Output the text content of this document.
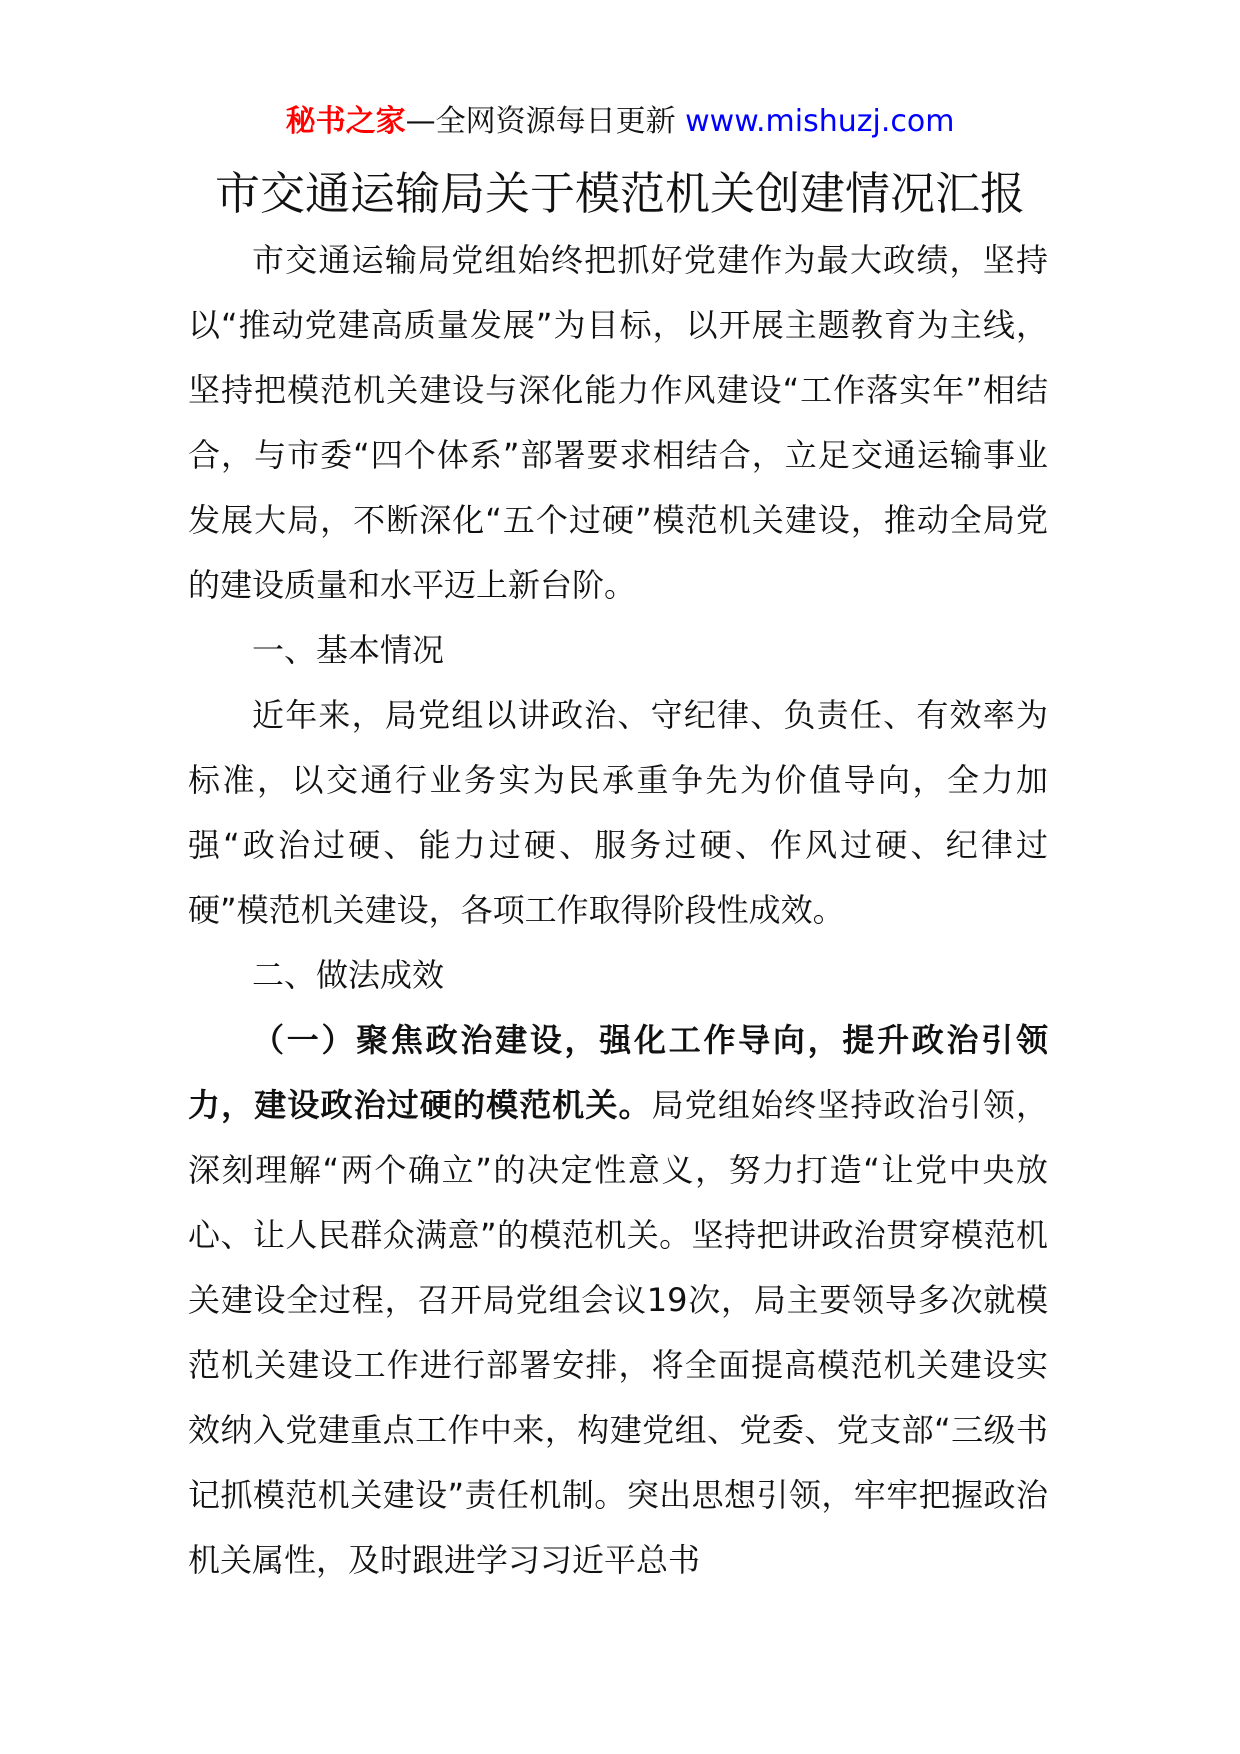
秘书之家—全网资源每日更新 www.mishuzj.com
市交通运输局关于模范机关创建情况汇报

市交通运输局党组始终把抓好党建作为最大政绩，坚持以“推动党建高质量发展”为目标，以开展主题教育为主线，坚持把模范机关建设与深化能力作风建设“工作落实年”相结合，与市委“四个体系”部署要求相结合，立足交通运输事业发展大局，不断深化“五个过硬”模范机关建设，推动全局党的建设质量和水平迈上新台阶。

一、基本情况

近年来，局党组以讲政治、守纪律、负责任、有效率为标准，以交通行业务实为民承重争先为价值导向，全力加强“政治过硬、能力过硬、服务过硬、作风过硬、纪律过硬”模范机关建设，各项工作取得阶段性成效。

二、做法成效

（一）聚焦政治建设，强化工作导向，提升政治引领力，建设政治过硬的模范机关。局党组始终坚持政治引领，深刻理解“两个确立”的决定性意义，努力打造“让党中央放心、让人民群众满意”的模范机关。坚持把讲政治贯穿模范机关建设全过程，召开局党组会议19次，局主要领导多次就模范机关建设工作进行部署安排，将全面提高模范机关建设实效纳入党建重点工作中来，构建党组、党委、党支部“三级书记抓模范机关建设”责任机制。突出思想引领，牢牢把握政治机关属性，及时跟进学习习近平总书
